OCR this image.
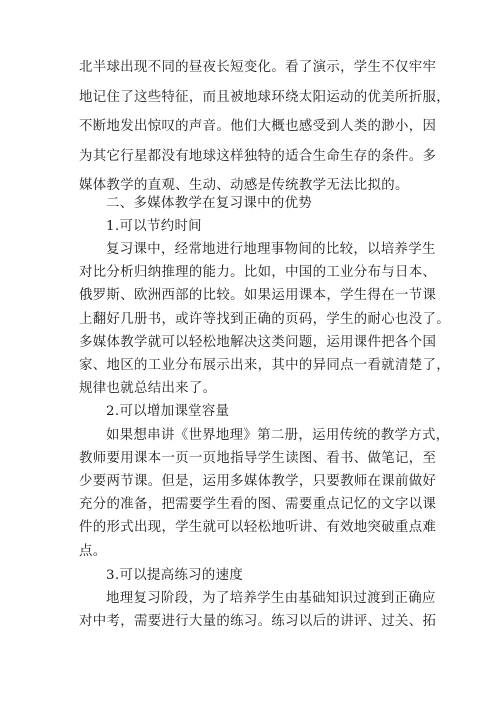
北半球出现不同的昼夜长短变化。看了演示，学生不仅牢牢
地记住了这些特征，而且被地球环绕太阳运动的优美所折服，
不断地发出惊叹的声音。他们大概也感受到人类的渺小，因
为其它行星都没有地球这样独特的适合生命生存的条件。多
媒体教学的直观、生动、动感是传统教学无法比拟的。
二、多媒体教学在复习课中的优势
1.可以节约时间
复习课中，经常地进行地理事物间的比较，以培养学生
对比分析归纳推理的能力。比如，中国的工业分布与日本、
俄罗斯、欧洲西部的比较。如果运用课本，学生得在一节课
上翻好几册书，或许等找到正确的页码，学生的耐心也没了。
多媒体教学就可以轻松地解决这类问题，运用课件把各个国
家、地区的工业分布展示出来，其中的异同点一看就清楚了，
规律也就总结出来了。
2.可以增加课堂容量
如果想串讲《世界地理》第二册，运用传统的教学方式，
教师要用课本一页一页地指导学生读图、看书、做笔记，至
少要两节课。但是，运用多媒体教学，只要教师在课前做好
充分的准备，把需要学生看的图、需要重点记忆的文字以课
件的形式出现，学生就可以轻松地听讲、有效地突破重点难
点。
3.可以提高练习的速度
地理复习阶段，为了培养学生由基础知识过渡到正确应
对中考，需要进行大量的练习。练习以后的讲评、过关、拓
